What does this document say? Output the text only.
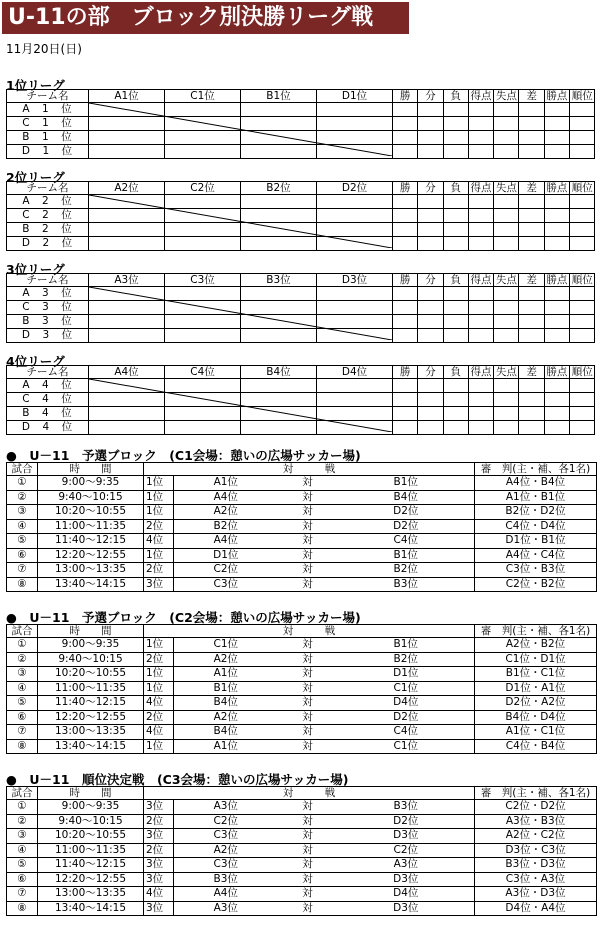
U-11の部　ブロック別決勝リーグ戦
11月20日(日)
1位リーグ
チーム名	A1位	C1位	B1位	D1位	勝	分	負	得点	失点	差	勝点	順位
A　1　位												
C　1　位												
B　1　位												
D　1　位												
2位リーグ
チーム名	A2位	C2位	B2位	D2位	勝	分	負	得点	失点	差	勝点	順位
A　2　位												
C　2　位												
B　2　位												
D　2　位												
3位リーグ
チーム名	A3位	C3位	B3位	D3位	勝	分	負	得点	失点	差	勝点	順位
A　3　位												
C　3　位												
B　3　位												
D　3　位												
4位リーグ
チーム名	A4位	C4位	B4位	D4位	勝	分	負	得点	失点	差	勝点	順位
A　4　位												
C　4　位												
B　4　位												
D　4　位												
●　U－11　予選ブロック　(C1会場：憩いの広場サッカー場)
試合	時　　間	対　　　戦				審　判(主・補、各1名)
①	9:00～9:35	1位	A1位	対	B1位	A4位・B4位
②	9:40～10:15	1位	A4位	対	B4位	A1位・B1位
③	10:20～10:55	1位	A2位	対	D2位	B2位・D2位
④	11:00～11:35	2位	B2位	対	D2位	C4位・D4位
⑤	11:40～12:15	4位	A4位	対	C4位	D1位・B1位
⑥	12:20～12:55	1位	D1位	対	B1位	A4位・C4位
⑦	13:00～13:35	2位	C2位	対	B2位	C3位・B3位
⑧	13:40～14:15	3位	C3位	対	B3位	C2位・B2位
●　U－11　予選ブロック　(C2会場：憩いの広場サッカー場)
試合	時　　間	対　　　戦				審　判(主・補、各1名)
①	9:00～9:35	1位	C1位	対	B1位	A2位・B2位
②	9:40～10:15	2位	A2位	対	B2位	C1位・D1位
③	10:20～10:55	1位	A1位	対	D1位	B1位・C1位
④	11:00～11:35	1位	B1位	対	C1位	D1位・A1位
⑤	11:40～12:15	4位	B4位	対	D4位	D2位・A2位
⑥	12:20～12:55	2位	A2位	対	D2位	B4位・D4位
⑦	13:00～13:35	4位	B4位	対	C4位	A1位・C1位
⑧	13:40～14:15	1位	A1位	対	C1位	C4位・B4位
●　U－11　順位決定戦　(C3会場：憩いの広場サッカー場)
試合	時　　間	対　　　戦				審　判(主・補、各1名)
①	9:00～9:35	3位	A3位	対	B3位	C2位・D2位
②	9:40～10:15	2位	C2位	対	D2位	A3位・B3位
③	10:20～10:55	3位	C3位	対	D3位	A2位・C2位
④	11:00～11:35	2位	A2位	対	C2位	D3位・C3位
⑤	11:40～12:15	3位	C3位	対	A3位	B3位・D3位
⑥	12:20～12:55	3位	B3位	対	D3位	C3位・A3位
⑦	13:00～13:35	4位	A4位	対	D4位	A3位・D3位
⑧	13:40～14:15	3位	A3位	対	D3位	D4位・A4位
